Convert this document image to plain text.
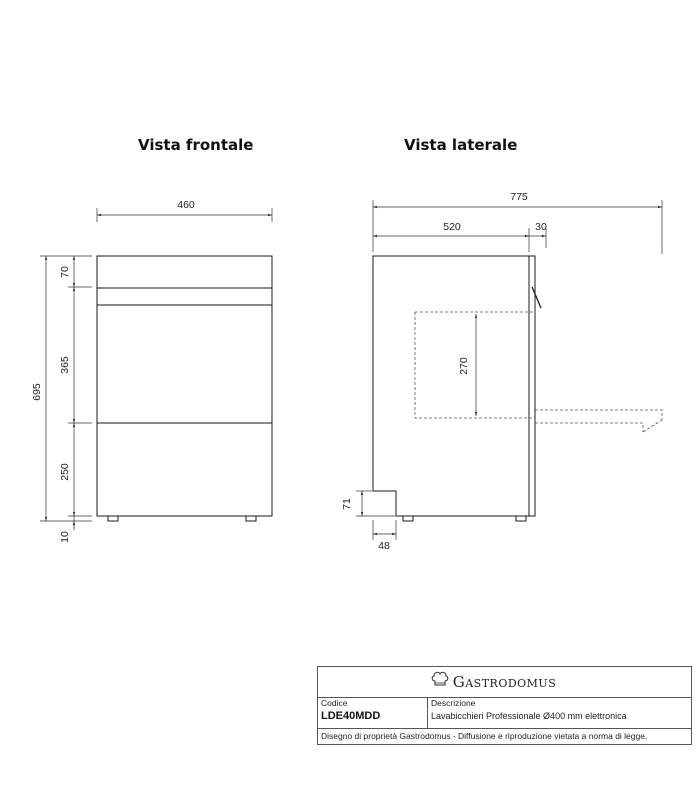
Vista frontale	Vista laterale
460
695
70
365
250
10
775
520	30
270
71
48
Gastrodomus
Codice
LDE40MDD
Descrizione
Lavabicchieri Professionale Ø400 mm elettronica
Disegno di proprietà Gastrodomus - Diffusione e riproduzione vietata a norma di legge.
